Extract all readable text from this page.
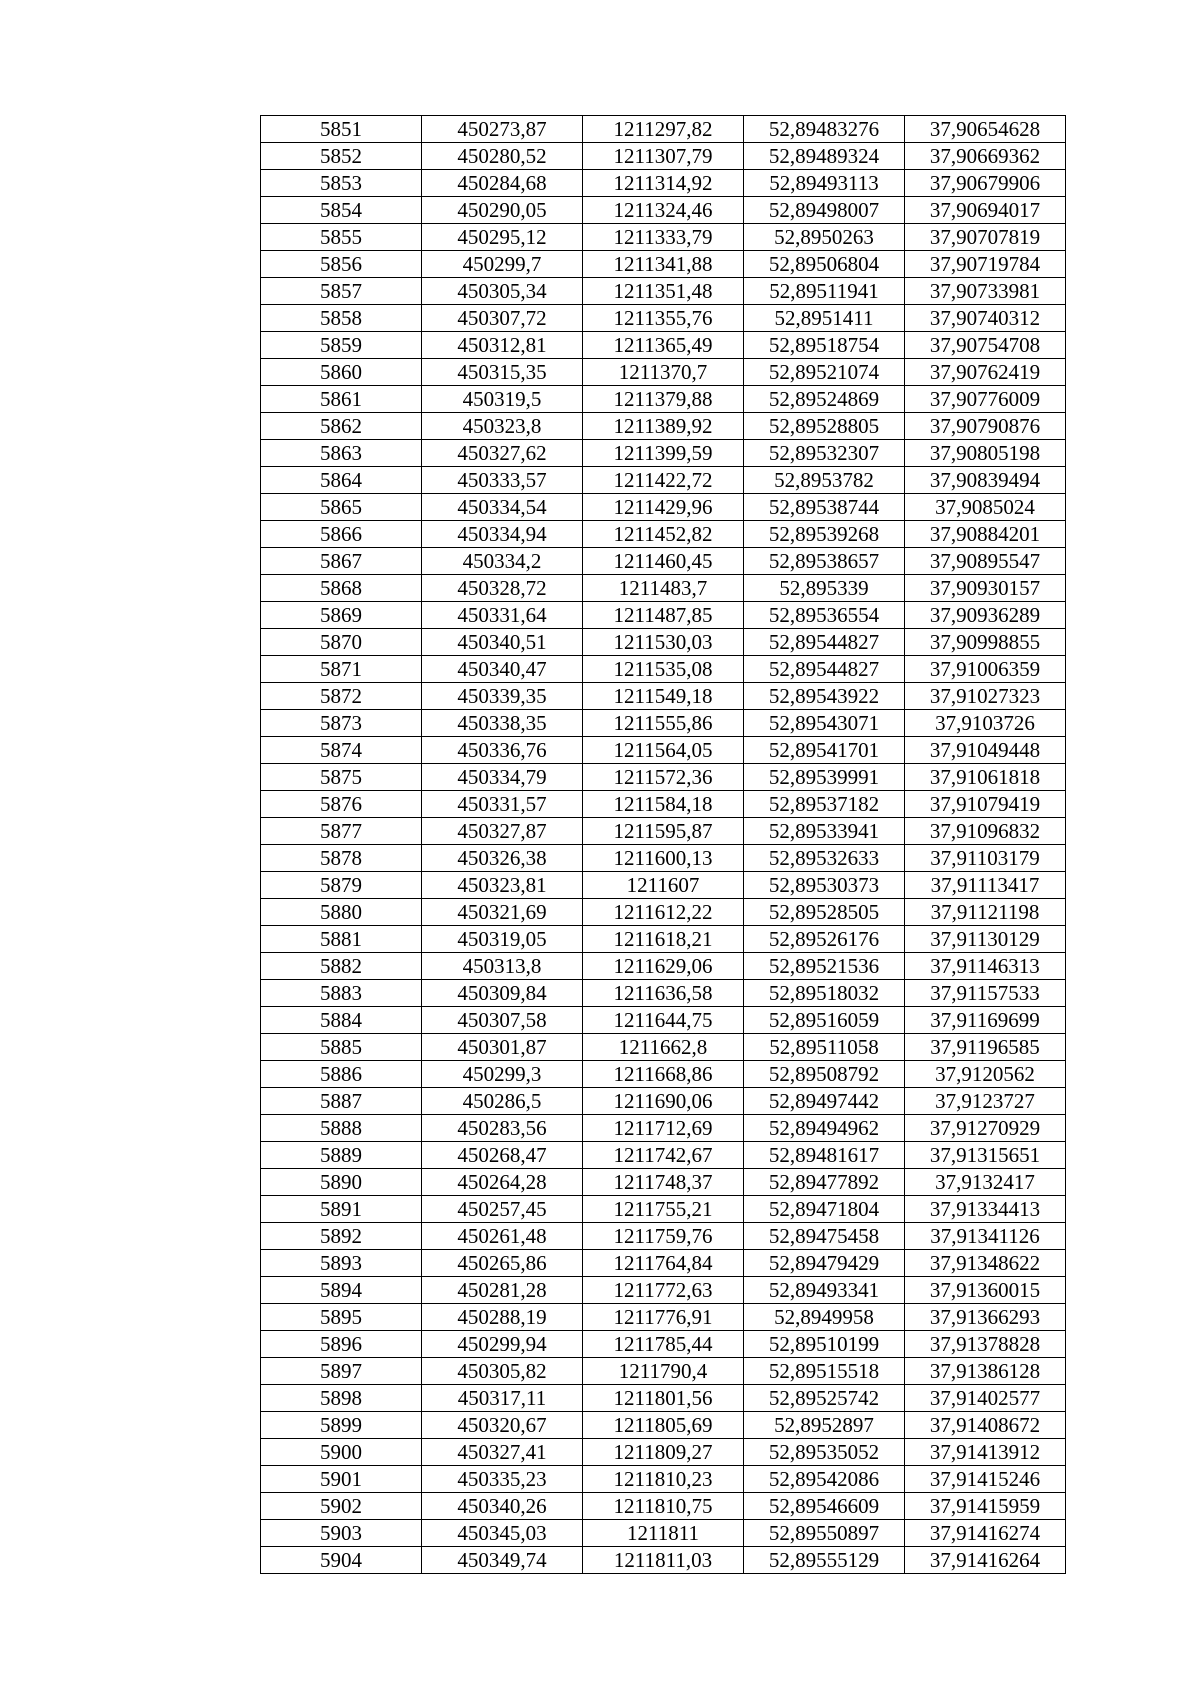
5851	450273,87	1211297,82	52,89483276	37,90654628
5852	450280,52	1211307,79	52,89489324	37,90669362
5853	450284,68	1211314,92	52,89493113	37,90679906
5854	450290,05	1211324,46	52,89498007	37,90694017
5855	450295,12	1211333,79	52,8950263	37,90707819
5856	450299,7	1211341,88	52,89506804	37,90719784
5857	450305,34	1211351,48	52,89511941	37,90733981
5858	450307,72	1211355,76	52,8951411	37,90740312
5859	450312,81	1211365,49	52,89518754	37,90754708
5860	450315,35	1211370,7	52,89521074	37,90762419
5861	450319,5	1211379,88	52,89524869	37,90776009
5862	450323,8	1211389,92	52,89528805	37,90790876
5863	450327,62	1211399,59	52,89532307	37,90805198
5864	450333,57	1211422,72	52,8953782	37,90839494
5865	450334,54	1211429,96	52,89538744	37,9085024
5866	450334,94	1211452,82	52,89539268	37,90884201
5867	450334,2	1211460,45	52,89538657	37,90895547
5868	450328,72	1211483,7	52,895339	37,90930157
5869	450331,64	1211487,85	52,89536554	37,90936289
5870	450340,51	1211530,03	52,89544827	37,90998855
5871	450340,47	1211535,08	52,89544827	37,91006359
5872	450339,35	1211549,18	52,89543922	37,91027323
5873	450338,35	1211555,86	52,89543071	37,9103726
5874	450336,76	1211564,05	52,89541701	37,91049448
5875	450334,79	1211572,36	52,89539991	37,91061818
5876	450331,57	1211584,18	52,89537182	37,91079419
5877	450327,87	1211595,87	52,89533941	37,91096832
5878	450326,38	1211600,13	52,89532633	37,91103179
5879	450323,81	1211607	52,89530373	37,91113417
5880	450321,69	1211612,22	52,89528505	37,91121198
5881	450319,05	1211618,21	52,89526176	37,91130129
5882	450313,8	1211629,06	52,89521536	37,91146313
5883	450309,84	1211636,58	52,89518032	37,91157533
5884	450307,58	1211644,75	52,89516059	37,91169699
5885	450301,87	1211662,8	52,89511058	37,91196585
5886	450299,3	1211668,86	52,89508792	37,9120562
5887	450286,5	1211690,06	52,89497442	37,9123727
5888	450283,56	1211712,69	52,89494962	37,91270929
5889	450268,47	1211742,67	52,89481617	37,91315651
5890	450264,28	1211748,37	52,89477892	37,9132417
5891	450257,45	1211755,21	52,89471804	37,91334413
5892	450261,48	1211759,76	52,89475458	37,91341126
5893	450265,86	1211764,84	52,89479429	37,91348622
5894	450281,28	1211772,63	52,89493341	37,91360015
5895	450288,19	1211776,91	52,8949958	37,91366293
5896	450299,94	1211785,44	52,89510199	37,91378828
5897	450305,82	1211790,4	52,89515518	37,91386128
5898	450317,11	1211801,56	52,89525742	37,91402577
5899	450320,67	1211805,69	52,8952897	37,91408672
5900	450327,41	1211809,27	52,89535052	37,91413912
5901	450335,23	1211810,23	52,89542086	37,91415246
5902	450340,26	1211810,75	52,89546609	37,91415959
5903	450345,03	1211811	52,89550897	37,91416274
5904	450349,74	1211811,03	52,89555129	37,91416264
